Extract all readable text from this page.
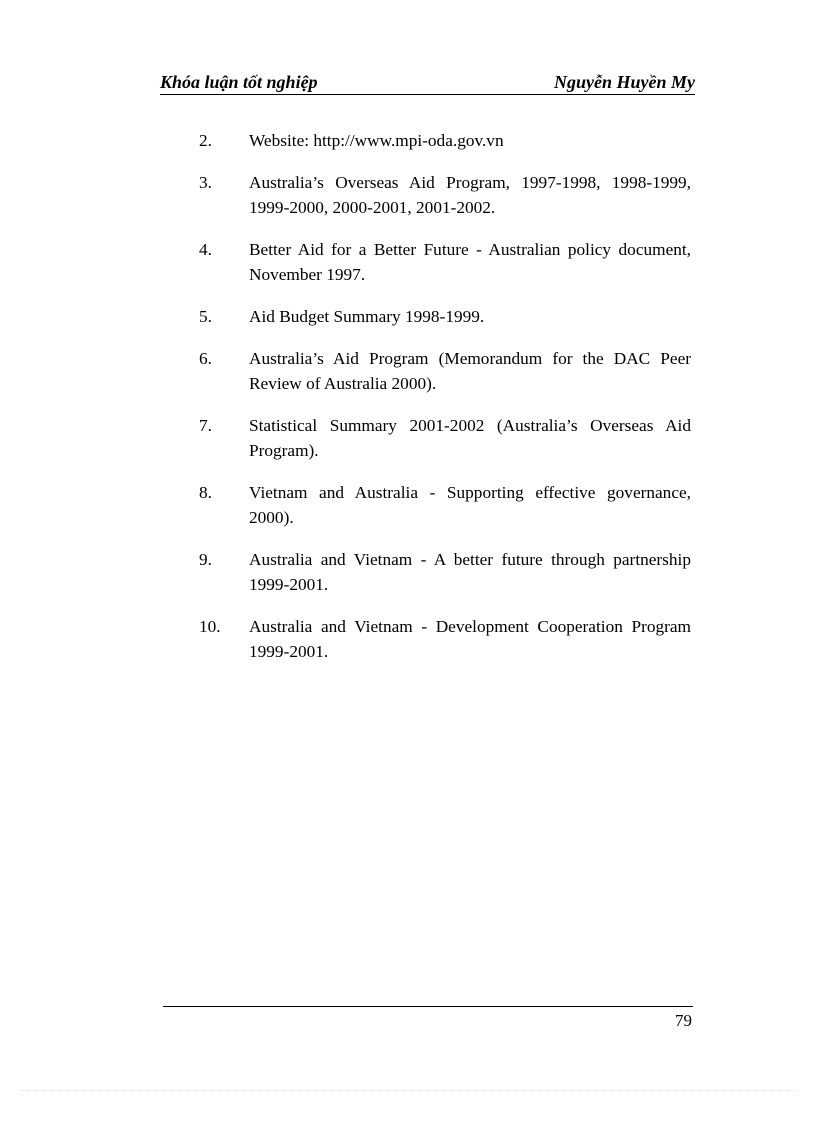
Khóa luận tốt nghiệp	Nguyễn Huyền My
2. Website: http://www.mpi-oda.gov.vn
3. Australia’s Overseas Aid Program, 1997-1998, 1998-1999, 1999-2000, 2000-2001, 2001-2002.
4. Better Aid for a Better Future - Australian policy document, November 1997.
5. Aid Budget Summary 1998-1999.
6. Australia’s Aid Program (Memorandum for the DAC Peer Review of Australia 2000).
7. Statistical Summary 2001-2002 (Australia’s Overseas Aid Program).
8. Vietnam and Australia - Supporting effective governance, 2000).
9. Australia and Vietnam - A better future through partnership 1999-2001.
10. Australia and Vietnam - Development Cooperation Program 1999-2001.
79
